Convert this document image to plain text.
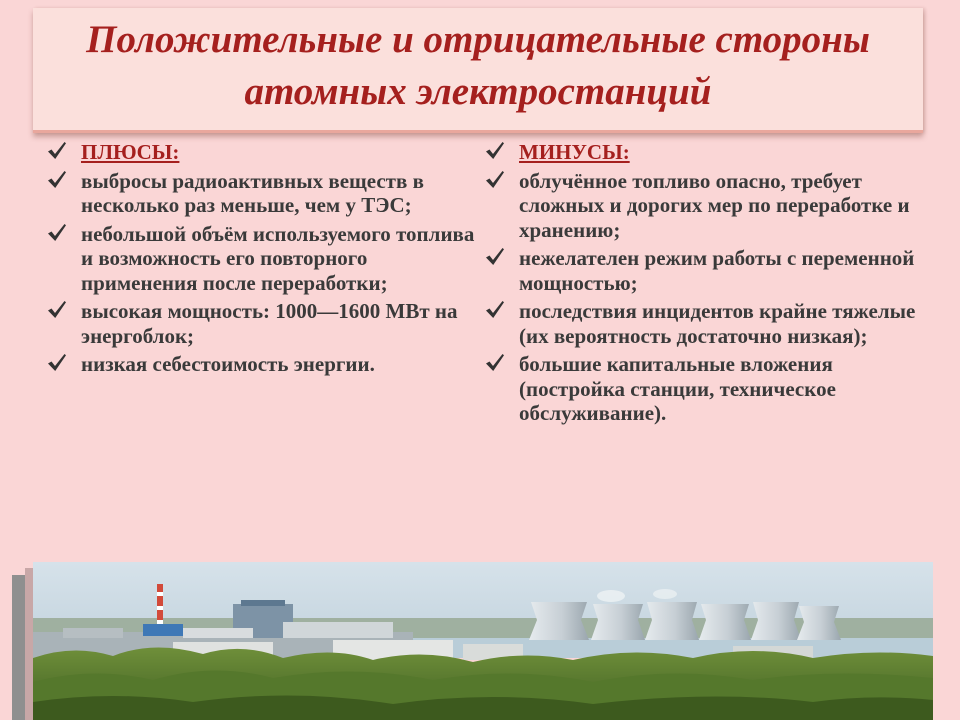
Положительные и отрицательные стороны
атомных электростанций
ПЛЮСЫ:
выбросы радиоактивных веществ в несколько раз меньше, чем у ТЭС;
небольшой объём используемого топлива и возможность его повторного применения после переработки;
высокая мощность: 1000—1600 МВт на энергоблок;
низкая себестоимость энергии.
МИНУСЫ:
облучённое топливо опасно, требует сложных и дорогих мер по переработке и хранению;
нежелателен режим работы с переменной мощностью;
последствия инцидентов крайне тяжелые (их вероятность достаточно низкая);
большие капитальные вложения (постройка станции, техническое обслуживание).
